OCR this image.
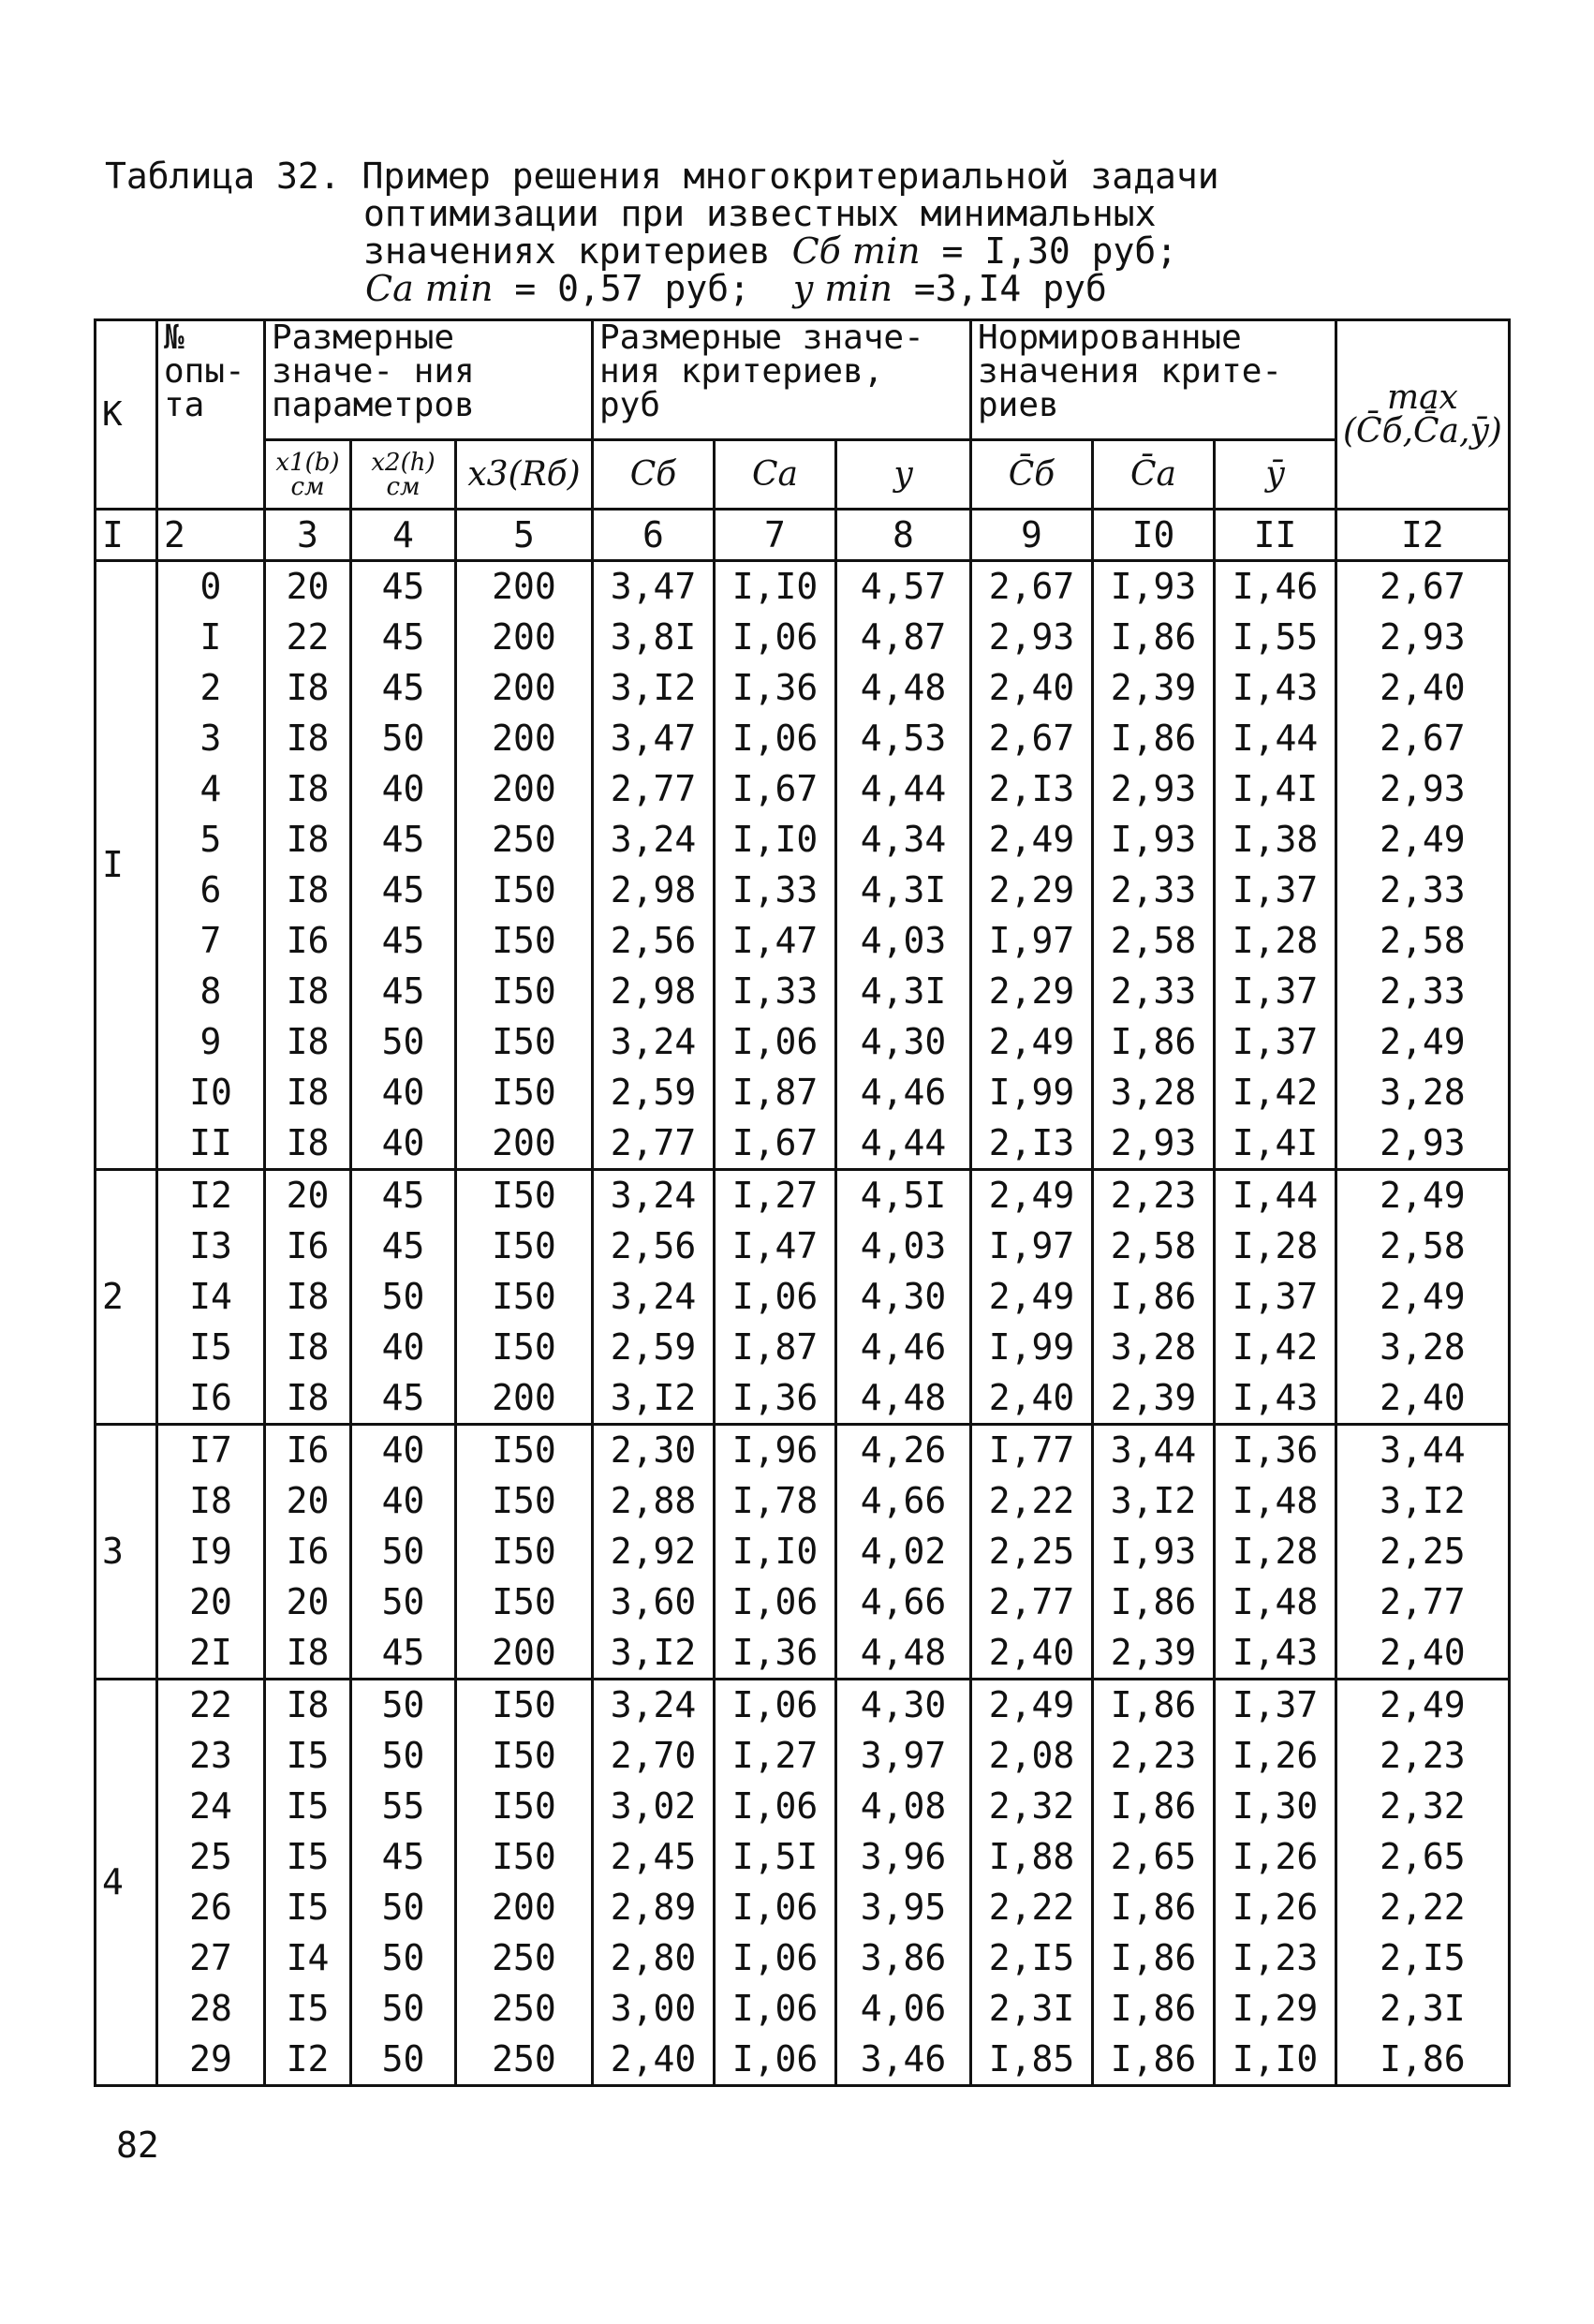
Таблица 32. Пример решения многокритериальной задачи
оптимизации при известных минимальных
значениях критериев Cб min = I,30 руб;
Ca min = 0,57 руб; y min =3,I4 руб
К	№ опы- та	Размерные значе- ния параметров			Размерные значе- ния критериев, руб			Нормированные значения крите- риев			max (C̄б,C̄a,ȳ)
		x1(b) см	x2(h) см	x3(Rб)	Cб	Ca	y	C̄б	C̄a	ȳ	
I	2	3	4	5	6	7	8	9	I0	II	I2
I	0	20	45	200	3,47	I,I0	4,57	2,67	I,93	I,46	2,67
	I	22	45	200	3,8I	I,06	4,87	2,93	I,86	I,55	2,93
	2	I8	45	200	3,I2	I,36	4,48	2,40	2,39	I,43	2,40
	3	I8	50	200	3,47	I,06	4,53	2,67	I,86	I,44	2,67
	4	I8	40	200	2,77	I,67	4,44	2,I3	2,93	I,4I	2,93
	5	I8	45	250	3,24	I,I0	4,34	2,49	I,93	I,38	2,49
	6	I8	45	I50	2,98	I,33	4,3I	2,29	2,33	I,37	2,33
	7	I6	45	I50	2,56	I,47	4,03	I,97	2,58	I,28	2,58
	8	I8	45	I50	2,98	I,33	4,3I	2,29	2,33	I,37	2,33
	9	I8	50	I50	3,24	I,06	4,30	2,49	I,86	I,37	2,49
	I0	I8	40	I50	2,59	I,87	4,46	I,99	3,28	I,42	3,28
	II	I8	40	200	2,77	I,67	4,44	2,I3	2,93	I,4I	2,93
2	I2	20	45	I50	3,24	I,27	4,5I	2,49	2,23	I,44	2,49
	I3	I6	45	I50	2,56	I,47	4,03	I,97	2,58	I,28	2,58
	I4	I8	50	I50	3,24	I,06	4,30	2,49	I,86	I,37	2,49
	I5	I8	40	I50	2,59	I,87	4,46	I,99	3,28	I,42	3,28
	I6	I8	45	200	3,I2	I,36	4,48	2,40	2,39	I,43	2,40
3	I7	I6	40	I50	2,30	I,96	4,26	I,77	3,44	I,36	3,44
	I8	20	40	I50	2,88	I,78	4,66	2,22	3,I2	I,48	3,I2
	I9	I6	50	I50	2,92	I,I0	4,02	2,25	I,93	I,28	2,25
	20	20	50	I50	3,60	I,06	4,66	2,77	I,86	I,48	2,77
	2I	I8	45	200	3,I2	I,36	4,48	2,40	2,39	I,43	2,40
4	22	I8	50	I50	3,24	I,06	4,30	2,49	I,86	I,37	2,49
	23	I5	50	I50	2,70	I,27	3,97	2,08	2,23	I,26	2,23
	24	I5	55	I50	3,02	I,06	4,08	2,32	I,86	I,30	2,32
	25	I5	45	I50	2,45	I,5I	3,96	I,88	2,65	I,26	2,65
	26	I5	50	200	2,89	I,06	3,95	2,22	I,86	I,26	2,22
	27	I4	50	250	2,80	I,06	3,86	2,I5	I,86	I,23	2,I5
	28	I5	50	250	3,00	I,06	4,06	2,3I	I,86	I,29	2,3I
	29	I2	50	250	2,40	I,06	3,46	I,85	I,86	I,I0	I,86
82
